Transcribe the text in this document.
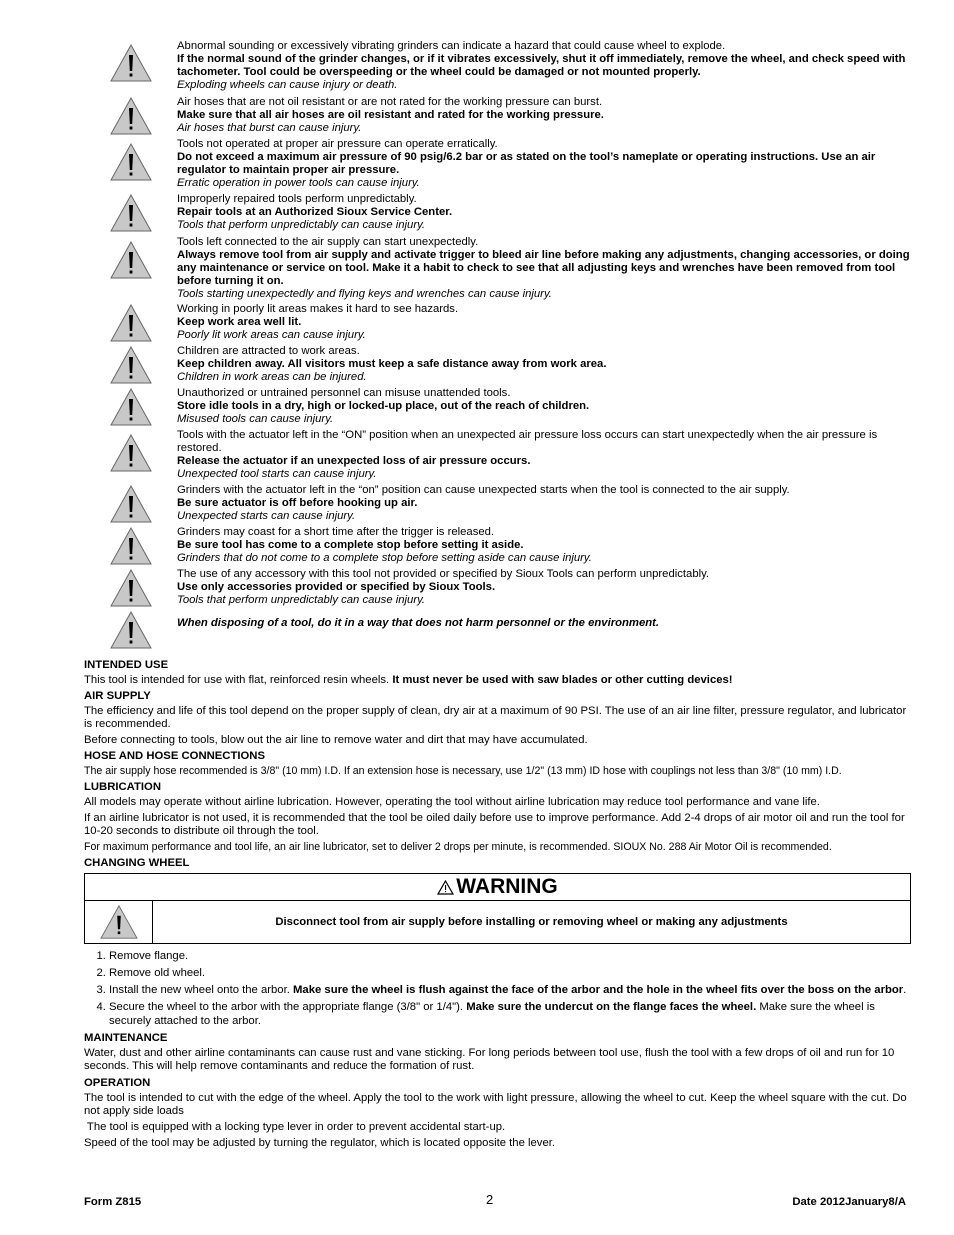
Abnormal sounding or excessively vibrating grinders can indicate a hazard that could cause wheel to explode.
If the normal sound of the grinder changes, or if it vibrates excessively, shut it off immediately, remove the wheel, and check speed with tachometer. Tool could be overspeeding or the wheel could be damaged or not mounted properly.
Exploding wheels can cause injury or death.
Air hoses that are not oil resistant or are not rated for the working pressure can burst.
Make sure that all air hoses are oil resistant and rated for the working pressure.
Air hoses that burst can cause injury.
Tools not operated at proper air pressure can operate erratically.
Do not exceed a maximum air pressure of 90 psig/6.2 bar or as stated on the tool’s nameplate or operating instructions. Use an air regulator to maintain proper air pressure.
Erratic operation in power tools can cause injury.
Improperly repaired tools perform unpredictably.
Repair tools at an Authorized Sioux Service Center.
Tools that perform unpredictably can cause injury.
Tools left connected to the air supply can start unexpectedly.
Always remove tool from air supply and activate trigger to bleed air line before making any adjustments, changing accessories, or doing any maintenance or service on tool. Make it a habit to check to see that all adjusting keys and wrenches have been removed from tool before turning it on.
Tools starting unexpectedly and flying keys and wrenches can cause injury.
Working in poorly lit areas makes it hard to see hazards.
Keep work area well lit.
Poorly lit work areas can cause injury.
Children are attracted to work areas.
Keep children away. All visitors must keep a safe distance away from work area.
Children in work areas can be injured.
Unauthorized or untrained personnel can misuse unattended tools.
Store idle tools in a dry, high or locked-up place, out of the reach of children.
Misused tools can cause injury.
Tools with the actuator left in the “ON” position when an unexpected air pressure loss occurs can start unexpectedly when the air pressure is restored.
Release the actuator if an unexpected loss of air pressure occurs.
Unexpected tool starts can cause injury.
Grinders with the actuator left in the “on” position can cause unexpected starts when the tool is connected to the air supply.
Be sure actuator is off before hooking up air.
Unexpected starts can cause injury.
Grinders may coast for a short time after the trigger is released.
Be sure tool has come to a complete stop before setting it aside.
Grinders that do not come to a complete stop before setting aside can cause injury.
The use of any accessory with this tool not provided or specified by Sioux Tools can perform unpredictably.
Use only accessories provided or specified by Sioux Tools.
Tools that perform unpredictably can cause injury.
When disposing of a tool, do it in a way that does not harm personnel or the environment.
INTENDED USE
This tool is intended for use with flat, reinforced resin wheels. It must never be used with saw blades or other cutting devices!
AIR SUPPLY
The efficiency and life of this tool depend on the proper supply of clean, dry air at a maximum of 90 PSI. The use of an air line filter, pressure regulator, and lubricator is recommended.
Before connecting to tools, blow out the air line to remove water and dirt that may have accumulated.
HOSE AND HOSE CONNECTIONS
The air supply hose recommended is 3/8" (10 mm) I.D. If an extension hose is necessary, use 1/2" (13 mm) ID hose with couplings not less than 3/8" (10 mm) I.D.
LUBRICATION
All models may operate without airline lubrication. However, operating the tool without airline lubrication may reduce tool performance and vane life.
If an airline lubricator is not used, it is recommended that the tool be oiled daily before use to improve performance. Add 2-4 drops of air motor oil and run the tool for 10-20 seconds to distribute oil through the tool.
For maximum performance and tool life, an air line lubricator, set to deliver 2 drops per minute, is recommended. SIOUX No. 288 Air Motor Oil is recommended.
CHANGING WHEEL
WARNING
Disconnect tool from air supply before installing or removing wheel or making any adjustments
1. Remove flange.
2. Remove old wheel.
3. Install the new wheel onto the arbor. Make sure the wheel is flush against the face of the arbor and the hole in the wheel fits over the boss on the arbor.
4. Secure the wheel to the arbor with the appropriate flange (3/8" or 1/4"). Make sure the undercut on the flange faces the wheel. Make sure the wheel is securely attached to the arbor.
MAINTENANCE
Water, dust and other airline contaminants can cause rust and vane sticking. For long periods between tool use, flush the tool with a few drops of oil and run for 10 seconds. This will help remove contaminants and reduce the formation of rust.
OPERATION
The tool is intended to cut with the edge of the wheel. Apply the tool to the work with light pressure, allowing the wheel to cut. Keep the wheel square with the cut. Do not apply side loads
The tool is equipped with a locking type lever in order to prevent accidental start-up.
Speed of the tool may be adjusted by turning the regulator, which is located opposite the lever.
Form Z815	2	Date 2012January8/A
